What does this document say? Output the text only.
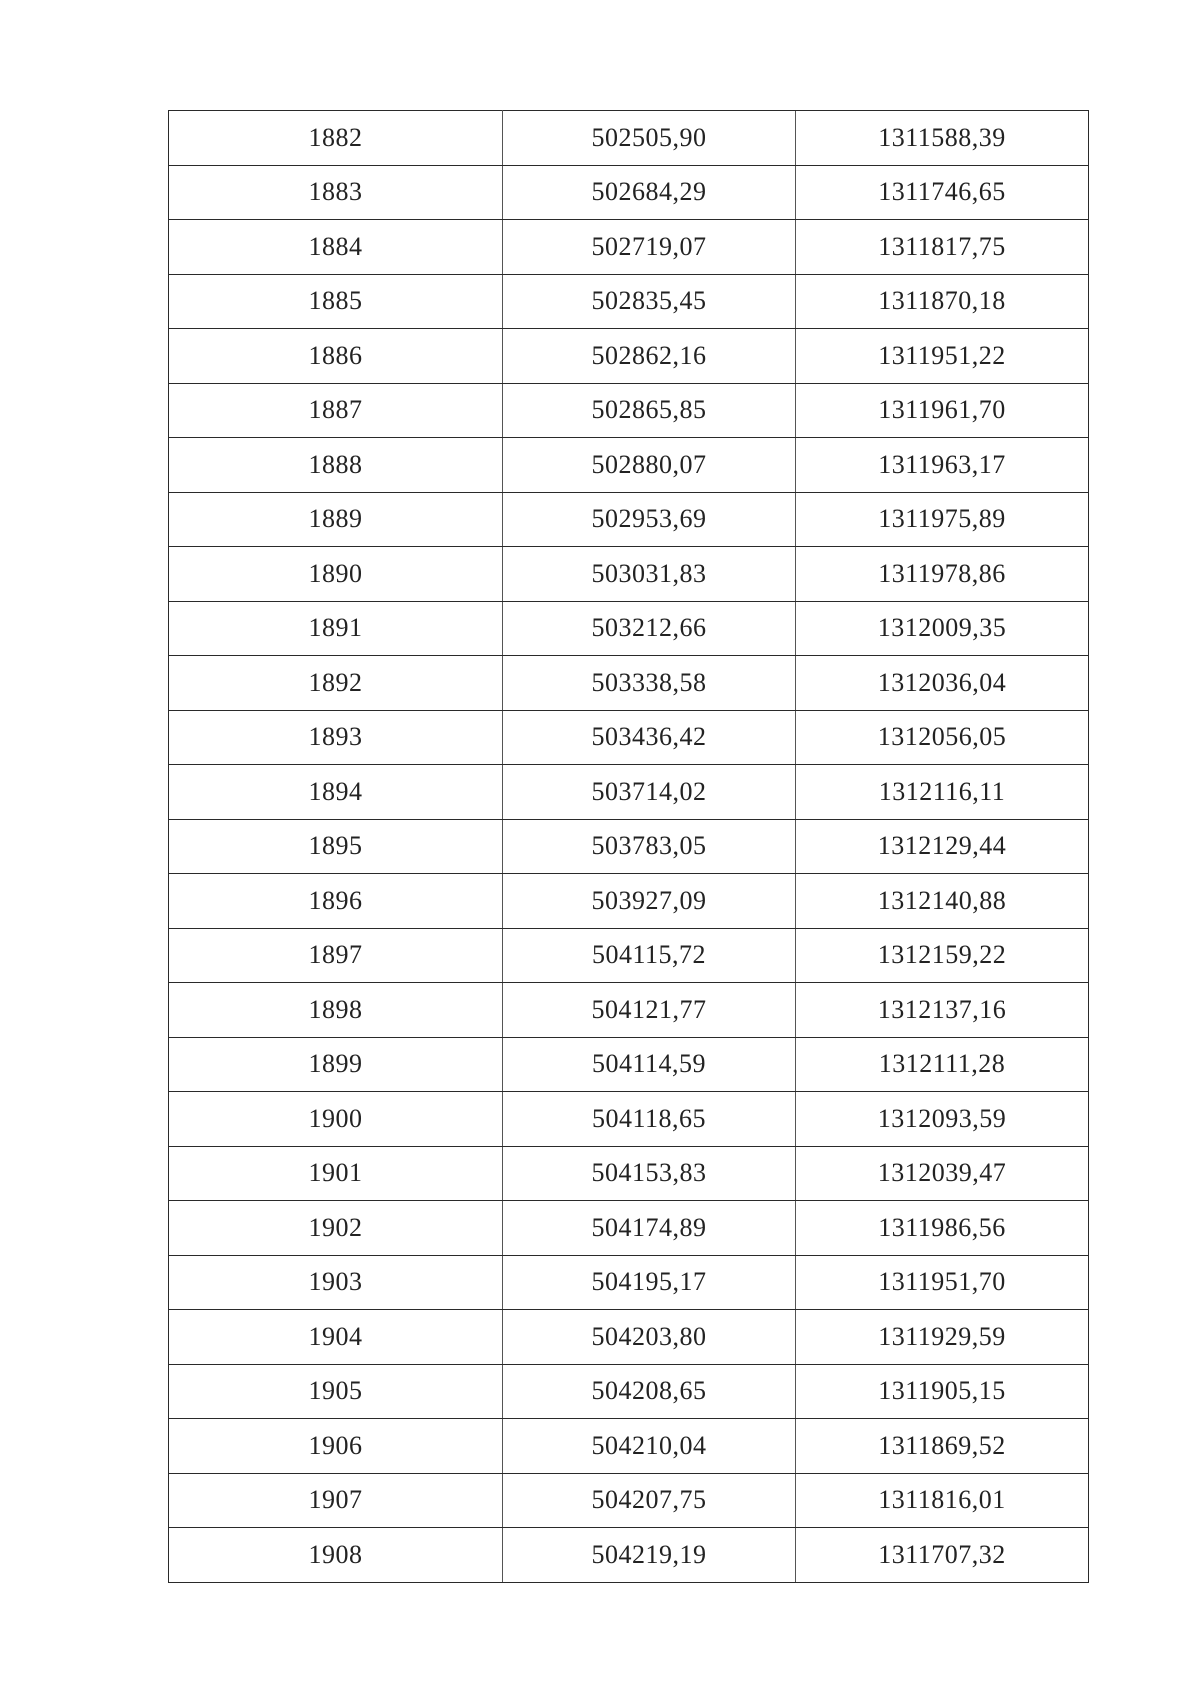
1882	502505,90	1311588,39
1883	502684,29	1311746,65
1884	502719,07	1311817,75
1885	502835,45	1311870,18
1886	502862,16	1311951,22
1887	502865,85	1311961,70
1888	502880,07	1311963,17
1889	502953,69	1311975,89
1890	503031,83	1311978,86
1891	503212,66	1312009,35
1892	503338,58	1312036,04
1893	503436,42	1312056,05
1894	503714,02	1312116,11
1895	503783,05	1312129,44
1896	503927,09	1312140,88
1897	504115,72	1312159,22
1898	504121,77	1312137,16
1899	504114,59	1312111,28
1900	504118,65	1312093,59
1901	504153,83	1312039,47
1902	504174,89	1311986,56
1903	504195,17	1311951,70
1904	504203,80	1311929,59
1905	504208,65	1311905,15
1906	504210,04	1311869,52
1907	504207,75	1311816,01
1908	504219,19	1311707,32
